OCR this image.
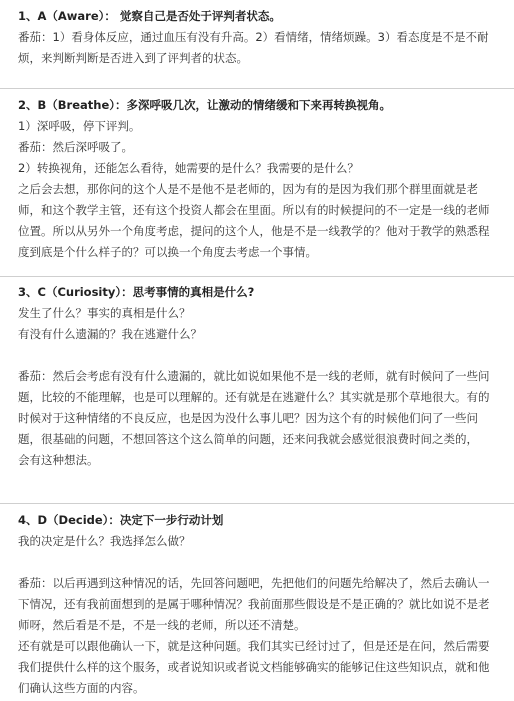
1、A（Aware）： 觉察自己是否处于评判者状态。

番茄：1）看身体反应，通过血压有没有升高。2）看情绪，情绪烦躁。3）看态度是不是不耐

烦，来判断判断是否进入到了评判者的状态。

2、B（Breathe）：多深呼吸几次，让激动的情绪缓和下来再转换视角。

1）深呼吸，停下评判。

番茄：然后深呼吸了。

2）转换视角，还能怎么看待，她需要的是什么？我需要的是什么？

之后会去想，那你问的这个人是不是他不是老师的，因为有的是因为我们那个群里面就是老

师，和这个教学主管，还有这个投资人都会在里面。所以有的时候提问的不一定是一线的老师

位置。所以从另外一个角度考虑，提问的这个人，他是不是一线教学的？他对于教学的熟悉程

度到底是个什么样子的？可以换一个角度去考虑一个事情。

3、C（Curiosity）：思考事情的真相是什么?

发生了什么？事实的真相是什么？

有没有什么遗漏的？我在逃避什么？

番茄：然后会考虑有没有什么遗漏的，就比如说如果他不是一线的老师，就有时候问了一些问

题，比较的不能理解，也是可以理解的。还有就是在逃避什么？其实就是那个草地很大。有的

时候对于这种情绪的不良反应，也是因为没什么事儿吧？因为这个有的时候他们问了一些问

题，很基础的问题，不想回答这个这么简单的问题，还来问我就会感觉很浪费时间之类的，

会有这种想法。

4、D（Decide）：决定下一步行动计划

我的决定是什么？我选择怎么做？

番茄：以后再遇到这种情况的话，先回答问题吧，先把他们的问题先给解决了，然后去确认一

下情况，还有我前面想到的是属于哪种情况？我前面那些假设是不是正确的？就比如说不是老

师呀，然后看是不是，不是一线的老师，所以还不清楚。

还有就是可以跟他确认一下，就是这种问题。我们其实已经讨过了，但是还是在问，然后需要

我们提供什么样的这个服务，或者说知识或者说文档能够确实的能够记住这些知识点，就和他

们确认这些方面的内容。
